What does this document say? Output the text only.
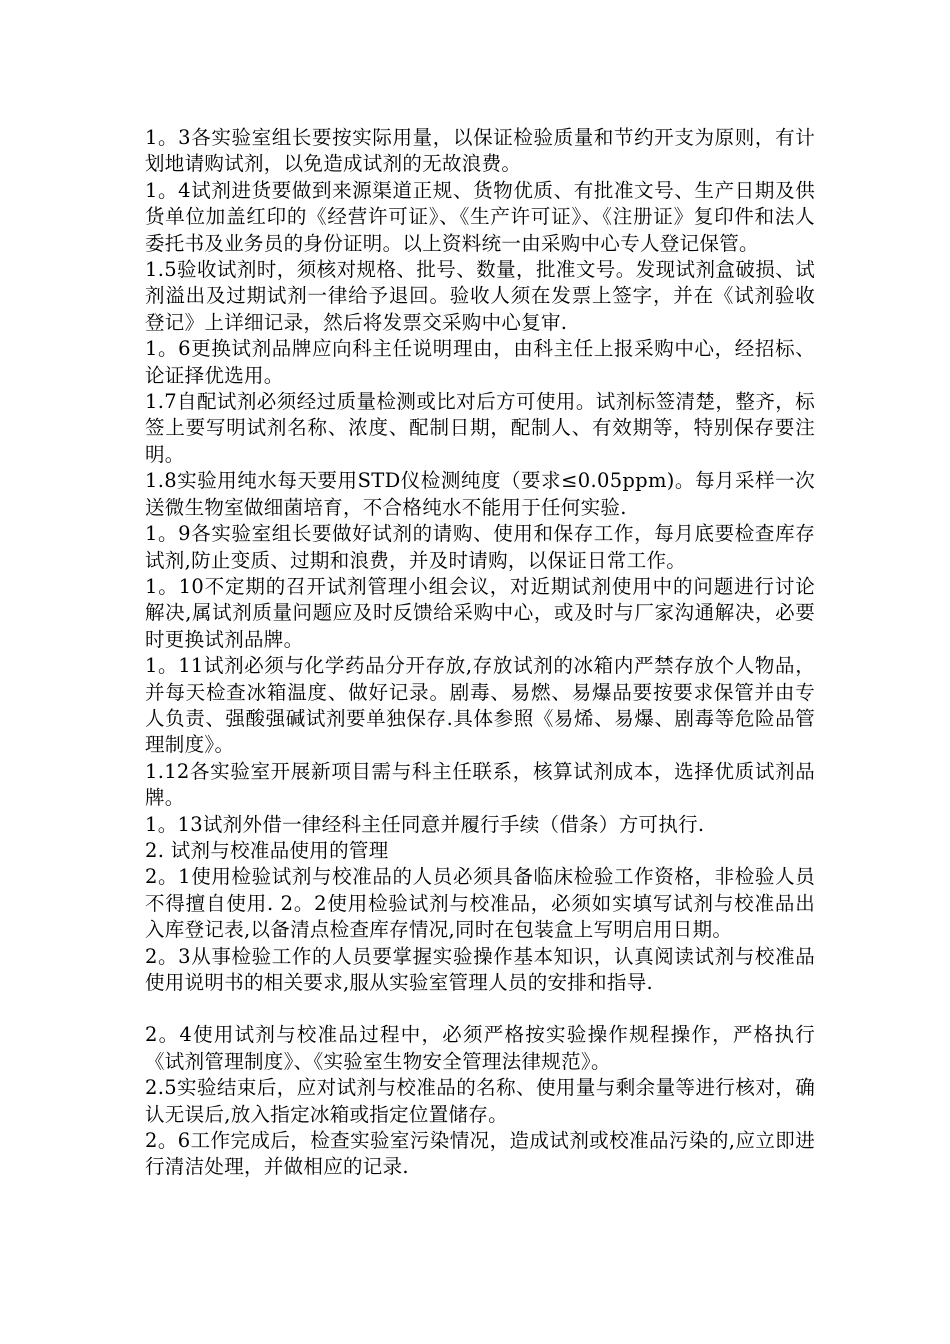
1。3各实验室组长要按实际用量，以保证检验质量和节约开支为原则，有计划地请购试剂，以免造成试剂的无故浪费。

1。4试剂进货要做到来源渠道正规、货物优质、有批准文号、生产日期及供货单位加盖红印的《经营许可证》、《生产许可证》、《注册证》复印件和法人委托书及业务员的身份证明。以上资料统一由采购中心专人登记保管。

1.5验收试剂时，须核对规格、批号、数量，批准文号。发现试剂盒破损、试剂溢出及过期试剂一律给予退回。验收人须在发票上签字，并在《试剂验收登记》上详细记录，然后将发票交采购中心复审.

1。6更换试剂品牌应向科主任说明理由，由科主任上报采购中心，经招标、论证择优选用。

1.7自配试剂必须经过质量检测或比对后方可使用。试剂标签清楚，整齐，标签上要写明试剂名称、浓度、配制日期，配制人、有效期等，特别保存要注明。

1.8实验用纯水每天要用STD仪检测纯度（要求≤0.05ppm)。每月采样一次送微生物室做细菌培育，不合格纯水不能用于任何实验.

1。9各实验室组长要做好试剂的请购、使用和保存工作，每月底要检查库存试剂,防止变质、过期和浪费，并及时请购，以保证日常工作。

1。10不定期的召开试剂管理小组会议，对近期试剂使用中的问题进行讨论解决,属试剂质量问题应及时反馈给采购中心，或及时与厂家沟通解决，必要时更换试剂品牌。

1。11试剂必须与化学药品分开存放,存放试剂的冰箱内严禁存放个人物品，并每天检查冰箱温度、做好记录。剧毒、易燃、易爆品要按要求保管并由专人负责、强酸强碱试剂要单独保存.具体参照《易烯、易爆、剧毒等危险品管理制度》。

1.12各实验室开展新项目需与科主任联系，核算试剂成本，选择优质试剂品牌。

1。13试剂外借一律经科主任同意并履行手续（借条）方可执行.

2. 试剂与校准品使用的管理

2。1使用检验试剂与校准品的人员必须具备临床检验工作资格，非检验人员不得擅自使用. 2。2使用检验试剂与校准品，必须如实填写试剂与校准品出入库登记表,以备清点检查库存情况,同时在包装盒上写明启用日期。

2。3从事检验工作的人员要掌握实验操作基本知识，认真阅读试剂与校准品使用说明书的相关要求,服从实验室管理人员的安排和指导.

2。4使用试剂与校准品过程中，必须严格按实验操作规程操作，严格执行《试剂管理制度》、《实验室生物安全管理法律规范》。

2.5实验结束后，应对试剂与校准品的名称、使用量与剩余量等进行核对，确认无误后,放入指定冰箱或指定位置储存。

2。6工作完成后，检查实验室污染情况，造成试剂或校准品污染的,应立即进行清洁处理，并做相应的记录.
